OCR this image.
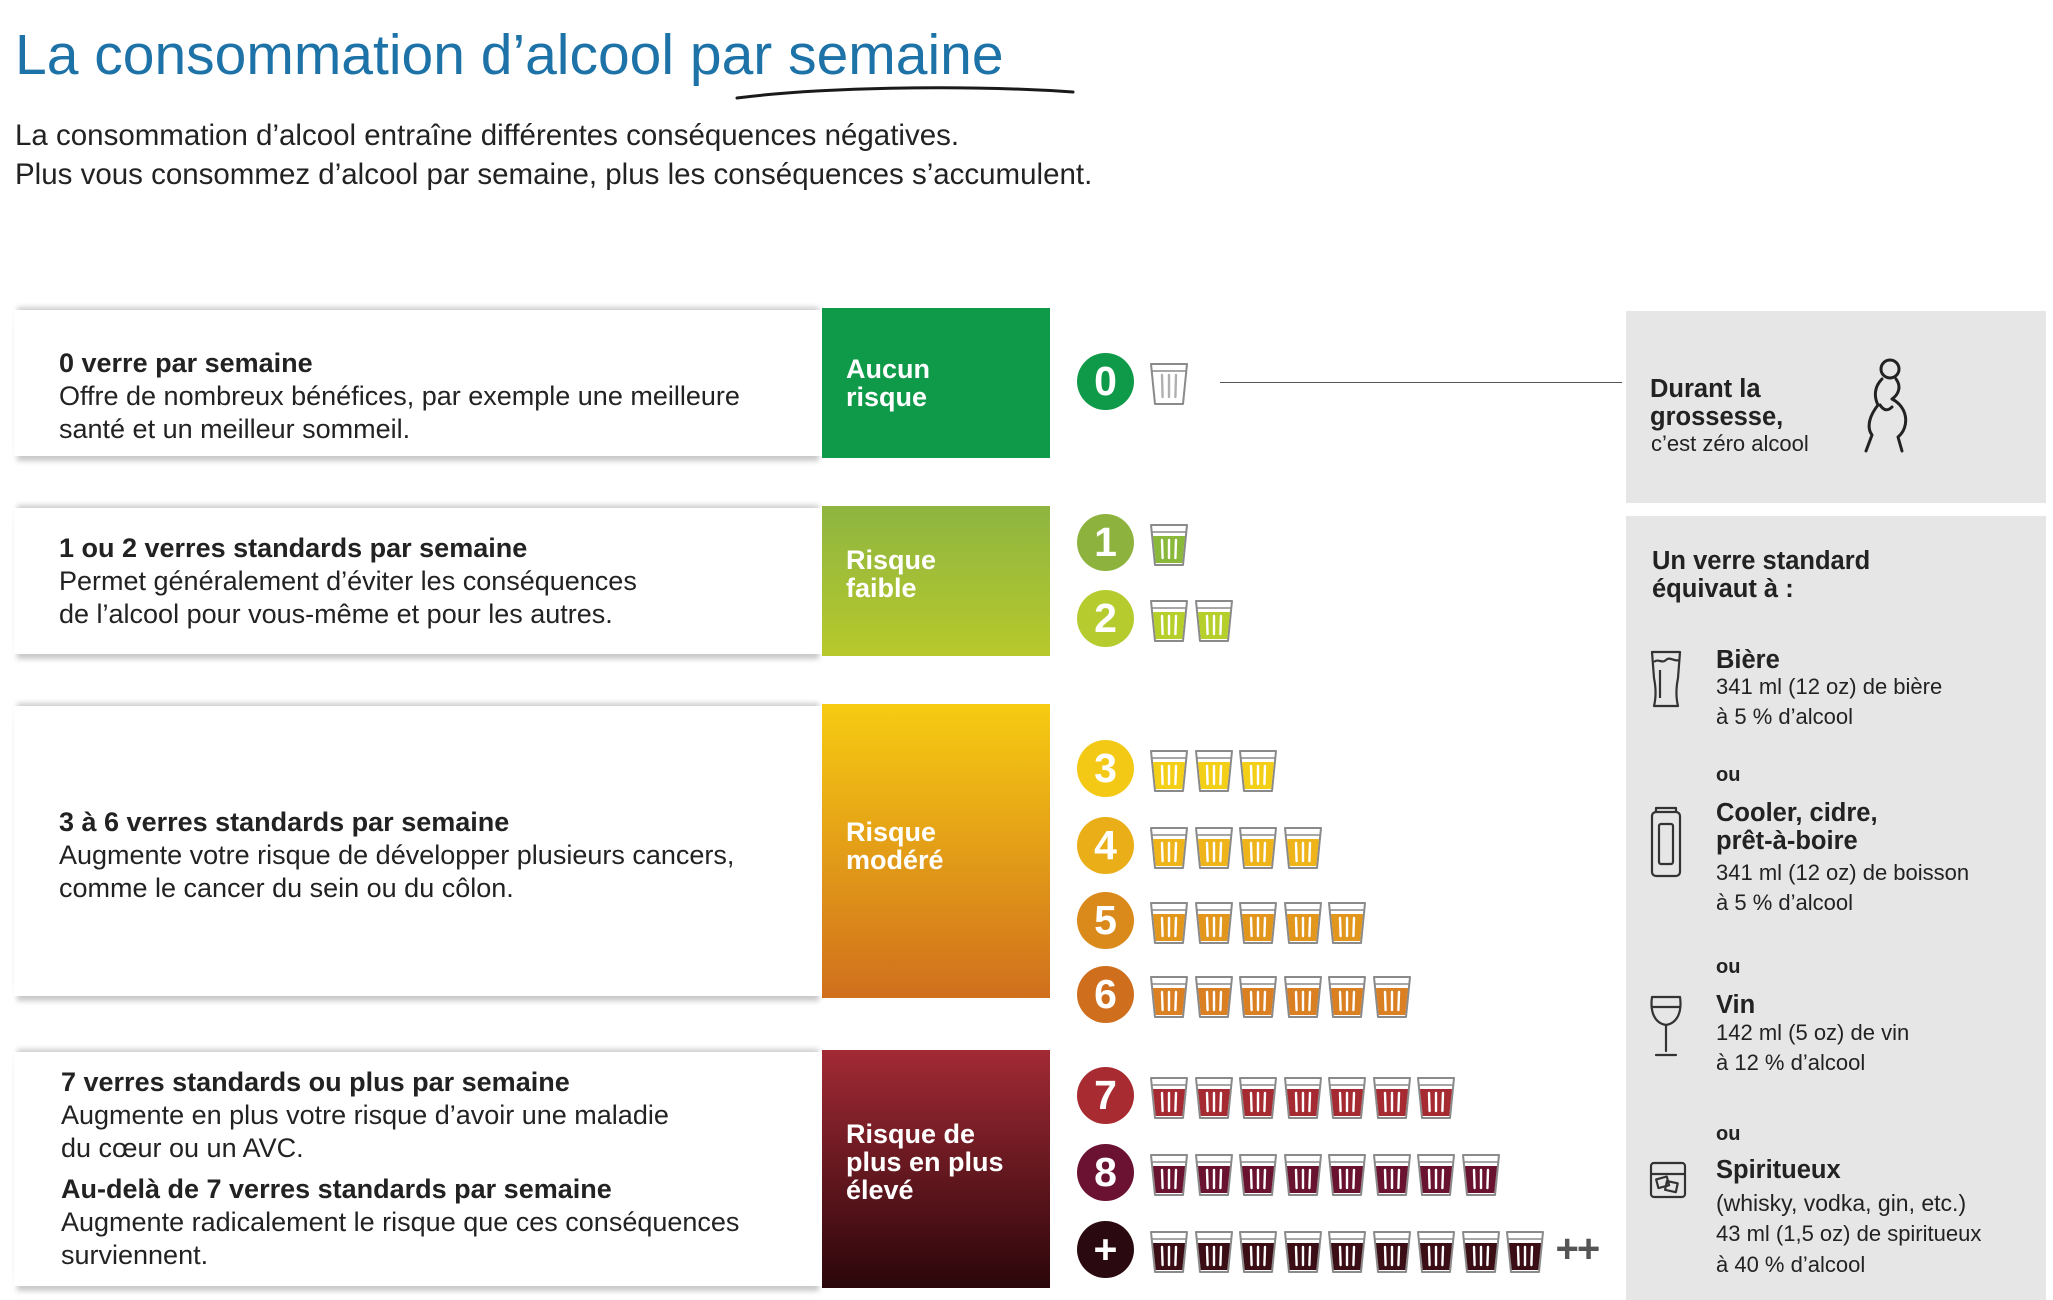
La consommation d’alcool par semaine
La consommation d’alcool entraîne différentes conséquences négatives.
Plus vous consommez d’alcool par semaine, plus les conséquences s’accumulent.
0 verre par semaine
Offre de nombreux bénéfices, par exemple une meilleure
santé et un meilleur sommeil.
Aucun
risque
1 ou 2 verres standards par semaine
Permet généralement d’éviter les conséquences
de l’alcool pour vous-même et pour les autres.
Risque
faible
3 à 6 verres standards par semaine
Augmente votre risque de développer plusieurs cancers,
comme le cancer du sein ou du côlon.
Risque
modéré
7 verres standards ou plus par semaine
Augmente en plus votre risque d’avoir une maladie
du cœur ou un AVC.

Au-delà de 7 verres standards par semaine
Augmente radicalement le risque que ces conséquences
surviennent.
Risque de
plus en plus
élevé
0
1
2
3
4
5
6
7
8
+	++
Durant la
grossesse,
c’est zéro alcool
Un verre standard
équivaut à :
Bière
341 ml (12 oz) de bière
à 5 % d’alcool
ou
Cooler, cidre,
prêt-à-boire
341 ml (12 oz) de boisson
à 5 % d’alcool
ou
Vin
142 ml (5 oz) de vin
à 12 % d’alcool
ou
Spiritueux
(whisky, vodka, gin, etc.)
43 ml (1,5 oz) de spiritueux
à 40 % d’alcool
